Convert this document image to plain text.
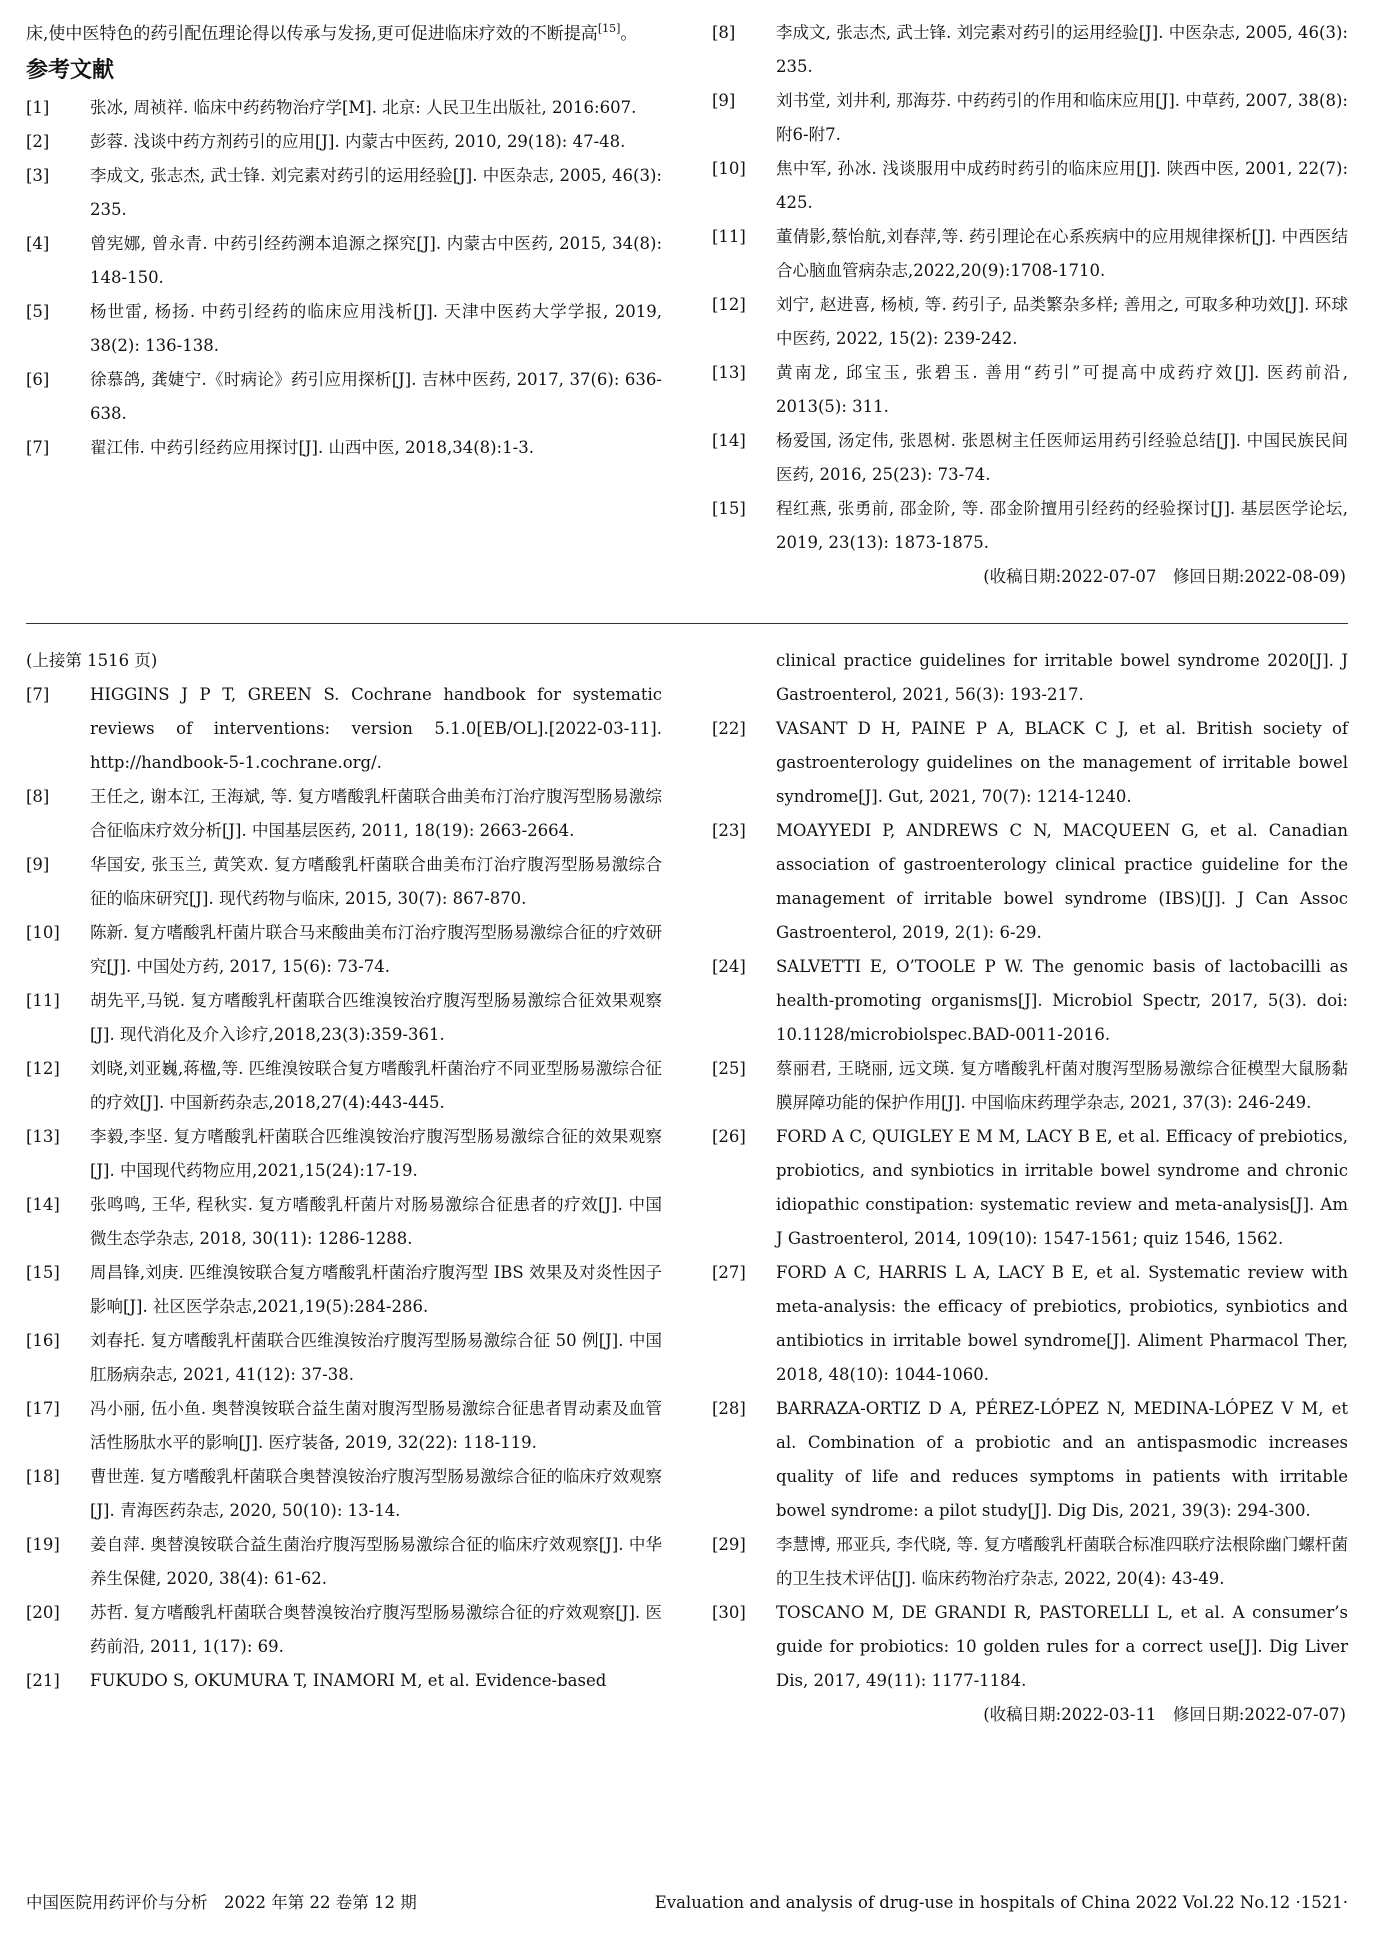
床,使中医特色的药引配伍理论得以传承与发扬,更可促进临床疗效的不断提高[15]。

参考文献
[1]	张冰, 周祯祥. 临床中药药物治疗学[M]. 北京: 人民卫生出版社, 2016:607.
[2]	彭蓉. 浅谈中药方剂药引的应用[J]. 内蒙古中医药, 2010, 29(18): 47-48.
[3]	李成文, 张志杰, 武士锋. 刘完素对药引的运用经验[J]. 中医杂志, 2005, 46(3): 235.
[4]	曾宪娜, 曾永青. 中药引经药溯本追源之探究[J]. 内蒙古中医药, 2015, 34(8): 148-150.
[5]	杨世雷, 杨扬. 中药引经药的临床应用浅析[J]. 天津中医药大学学报, 2019, 38(2): 136-138.
[6]	徐慕鸽, 龚婕宁.《时病论》药引应用探析[J]. 吉林中医药, 2017, 37(6): 636-638.
[7]	翟江伟. 中药引经药应用探讨[J]. 山西中医, 2018,34(8):1-3.
[8]	李成文, 张志杰, 武士锋. 刘完素对药引的运用经验[J]. 中医杂志, 2005, 46(3): 235.
[9]	刘书堂, 刘井利, 那海芬. 中药药引的作用和临床应用[J]. 中草药, 2007, 38(8): 附6-附7.
[10]	焦中军, 孙冰. 浅谈服用中成药时药引的临床应用[J]. 陕西中医, 2001, 22(7): 425.
[11]	董倩影,蔡怡航,刘春萍,等. 药引理论在心系疾病中的应用规律探析[J]. 中西医结合心脑血管病杂志,2022,20(9):1708-1710.
[12]	刘宁, 赵进喜, 杨桢, 等. 药引子, 品类繁杂多样; 善用之, 可取多种功效[J]. 环球中医药, 2022, 15(2): 239-242.
[13]	黄南龙, 邱宝玉, 张碧玉. 善用“药引”可提高中成药疗效[J]. 医药前沿, 2013(5): 311.
[14]	杨爱国, 汤定伟, 张恩树. 张恩树主任医师运用药引经验总结[J]. 中国民族民间医药, 2016, 25(23): 73-74.
[15]	程红燕, 张勇前, 邵金阶, 等. 邵金阶擅用引经药的经验探讨[J]. 基层医学论坛, 2019, 23(13): 1873-1875.
(收稿日期:2022-07-07　修回日期:2022-08-09)
(上接第 1516 页)
[7]	HIGGINS J P T, GREEN S. Cochrane handbook for systematic reviews of interventions: version 5.1.0[EB/OL].[2022-03-11]. http://handbook-5-1.cochrane.org/.
[8]	王任之, 谢本江, 王海斌, 等. 复方嗜酸乳杆菌联合曲美布汀治疗腹泻型肠易激综合征临床疗效分析[J]. 中国基层医药, 2011, 18(19): 2663-2664.
[9]	华国安, 张玉兰, 黄笑欢. 复方嗜酸乳杆菌联合曲美布汀治疗腹泻型肠易激综合征的临床研究[J]. 现代药物与临床, 2015, 30(7): 867-870.
[10]	陈新. 复方嗜酸乳杆菌片联合马来酸曲美布汀治疗腹泻型肠易激综合征的疗效研究[J]. 中国处方药, 2017, 15(6): 73-74.
[11]	胡先平,马锐. 复方嗜酸乳杆菌联合匹维溴铵治疗腹泻型肠易激综合征效果观察[J]. 现代消化及介入诊疗,2018,23(3):359-361.
[12]	刘晓,刘亚巍,蒋楹,等. 匹维溴铵联合复方嗜酸乳杆菌治疗不同亚型肠易激综合征的疗效[J]. 中国新药杂志,2018,27(4):443-445.
[13]	李毅,李坚. 复方嗜酸乳杆菌联合匹维溴铵治疗腹泻型肠易激综合征的效果观察[J]. 中国现代药物应用,2021,15(24):17-19.
[14]	张鸣鸣, 王华, 程秋实. 复方嗜酸乳杆菌片对肠易激综合征患者的疗效[J]. 中国微生态学杂志, 2018, 30(11): 1286-1288.
[15]	周昌锋,刘庚. 匹维溴铵联合复方嗜酸乳杆菌治疗腹泻型 IBS 效果及对炎性因子影响[J]. 社区医学杂志,2021,19(5):284-286.
[16]	刘春托. 复方嗜酸乳杆菌联合匹维溴铵治疗腹泻型肠易激综合征 50 例[J]. 中国肛肠病杂志, 2021, 41(12): 37-38.
[17]	冯小丽, 伍小鱼. 奥替溴铵联合益生菌对腹泻型肠易激综合征患者胃动素及血管活性肠肽水平的影响[J]. 医疗装备, 2019, 32(22): 118-119.
[18]	曹世莲. 复方嗜酸乳杆菌联合奥替溴铵治疗腹泻型肠易激综合征的临床疗效观察[J]. 青海医药杂志, 2020, 50(10): 13-14.
[19]	姜自萍. 奥替溴铵联合益生菌治疗腹泻型肠易激综合征的临床疗效观察[J]. 中华养生保健, 2020, 38(4): 61-62.
[20]	苏哲. 复方嗜酸乳杆菌联合奥替溴铵治疗腹泻型肠易激综合征的疗效观察[J]. 医药前沿, 2011, 1(17): 69.
[21]	FUKUDO S, OKUMURA T, INAMORI M, et al. Evidence-based
clinical practice guidelines for irritable bowel syndrome 2020[J]. J Gastroenterol, 2021, 56(3): 193-217.
[22]	VASANT D H, PAINE P A, BLACK C J, et al. British society of gastroenterology guidelines on the management of irritable bowel syndrome[J]. Gut, 2021, 70(7): 1214-1240.
[23]	MOAYYEDI P, ANDREWS C N, MACQUEEN G, et al. Canadian association of gastroenterology clinical practice guideline for the management of irritable bowel syndrome (IBS)[J]. J Can Assoc Gastroenterol, 2019, 2(1): 6-29.
[24]	SALVETTI E, O’TOOLE P W. The genomic basis of lactobacilli as health-promoting organisms[J]. Microbiol Spectr, 2017, 5(3). doi: 10.1128/microbiolspec.BAD-0011-2016.
[25]	蔡丽君, 王晓丽, 远文瑛. 复方嗜酸乳杆菌对腹泻型肠易激综合征模型大鼠肠黏膜屏障功能的保护作用[J]. 中国临床药理学杂志, 2021, 37(3): 246-249.
[26]	FORD A C, QUIGLEY E M M, LACY B E, et al. Efficacy of prebiotics, probiotics, and synbiotics in irritable bowel syndrome and chronic idiopathic constipation: systematic review and meta-analysis[J]. Am J Gastroenterol, 2014, 109(10): 1547-1561; quiz 1546, 1562.
[27]	FORD A C, HARRIS L A, LACY B E, et al. Systematic review with meta-analysis: the efficacy of prebiotics, probiotics, synbiotics and antibiotics in irritable bowel syndrome[J]. Aliment Pharmacol Ther, 2018, 48(10): 1044-1060.
[28]	BARRAZA-ORTIZ D A, PÉREZ-LÓPEZ N, MEDINA-LÓPEZ V M, et al. Combination of a probiotic and an antispasmodic increases quality of life and reduces symptoms in patients with irritable bowel syndrome: a pilot study[J]. Dig Dis, 2021, 39(3): 294-300.
[29]	李慧博, 邢亚兵, 李代晓, 等. 复方嗜酸乳杆菌联合标准四联疗法根除幽门螺杆菌的卫生技术评估[J]. 临床药物治疗杂志, 2022, 20(4): 43-49.
[30]	TOSCANO M, DE GRANDI R, PASTORELLI L, et al. A consumer’s guide for probiotics: 10 golden rules for a correct use[J]. Dig Liver Dis, 2017, 49(11): 1177-1184.
(收稿日期:2022-03-11　修回日期:2022-07-07)
中国医院用药评价与分析　2022 年第 22 卷第 12 期	Evaluation and analysis of drug-use in hospitals of China 2022 Vol.22 No.12 ·1521·
